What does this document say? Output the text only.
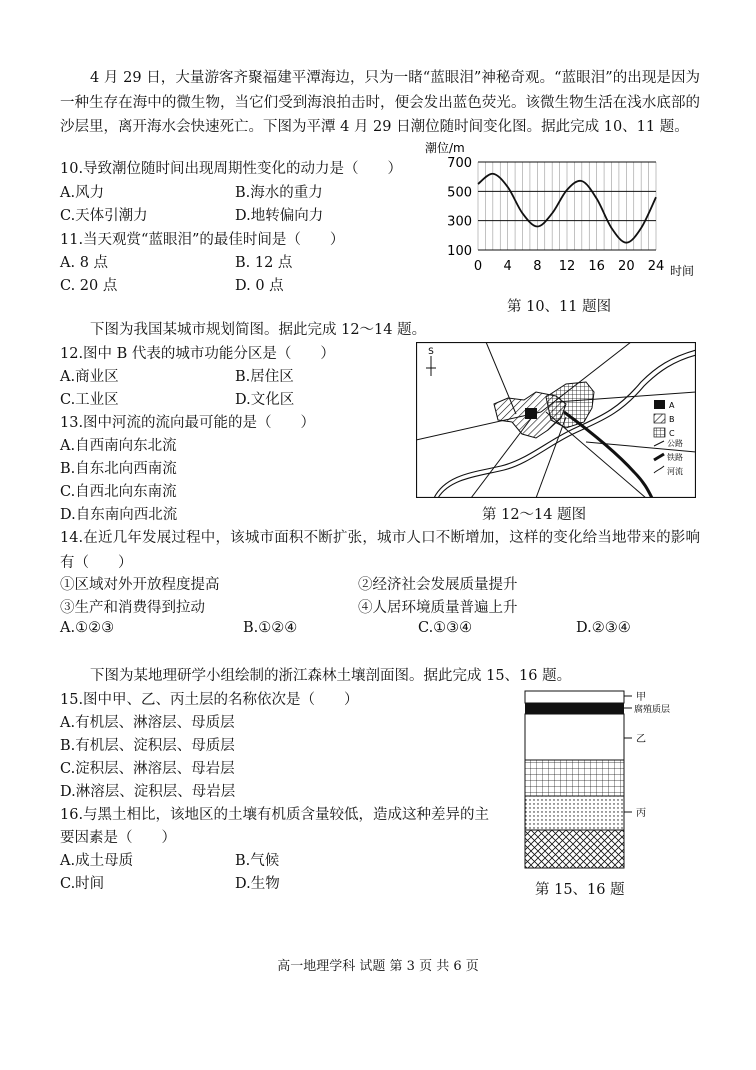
4 月 29 日，大量游客齐聚福建平潭海边，只为一睹“蓝眼泪”神秘奇观。“蓝眼泪”的出现是因为一种生存在海中的微生物，当它们受到海浪拍击时，便会发出蓝色荧光。该微生物生活在浅水底部的沙层里，离开海水会快速死亡。下图为平潭 4 月 29 日潮位随时间变化图。据此完成 10、11 题。
10.导致潮位随时间出现周期性变化的动力是（　　）
A.风力	B.海水的重力
C.天体引潮力	D.地转偏向力
11.当天观赏“蓝眼泪”的最佳时间是（　　）
A. 8 点	B. 12 点
C. 20 点	D. 0 点
潮位/m
100
300
500
700
0 4 8 12 16 20 24 时间
第 10、11 题图
下图为我国某城市规划简图。据此完成 12～14 题。
12.图中 B 代表的城市功能分区是（　　）
A.商业区	B.居住区
C.工业区	D.文化区
13.图中河流的流向最可能的是（　　）
A.自西南向东北流
B.自东北向西南流
C.自西北向东南流
D.自东南向西北流
S
A
B
C
公路
铁路
河流
第 12～14 题图
14.在近几年发展过程中，该城市面积不断扩张，城市人口不断增加，这样的变化给当地带来的影响有（　　）
①区域对外开放程度提高	②经济社会发展质量提升
③生产和消费得到拉动	④人居环境质量普遍上升
A.①②③	B.①②④	C.①③④	D.②③④
下图为某地理研学小组绘制的浙江森林土壤剖面图。据此完成 15、16 题。
15.图中甲、乙、丙土层的名称依次是（　　）
A.有机层、淋溶层、母质层
B.有机层、淀积层、母质层
C.淀积层、淋溶层、母岩层
D.淋溶层、淀积层、母岩层
16.与黑土相比，该地区的土壤有机质含量较低，造成这种差异的主
要因素是（　　）
A.成土母质	B.气候
C.时间	D.生物
甲
腐殖质层
乙
丙
第 15、16 题
高一地理学科 试题 第 3 页 共 6 页
